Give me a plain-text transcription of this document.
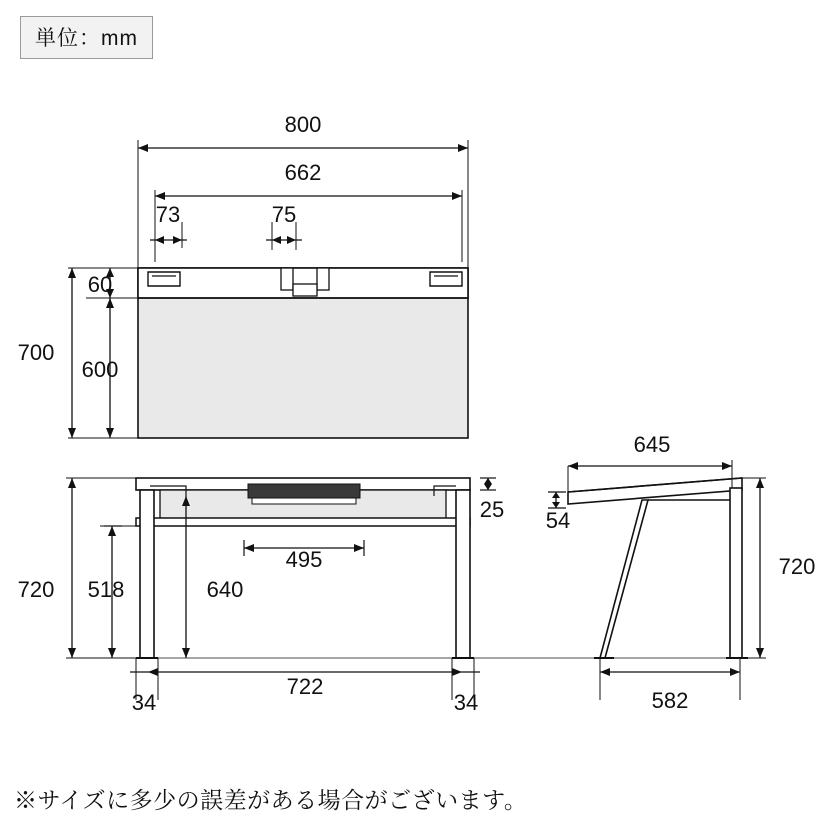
単位：mm
800
662
73	75
700
60
600
720 518	640
495
25
722
34	34
645
54
720
582
※サイズに多少の誤差がある場合がございます。
